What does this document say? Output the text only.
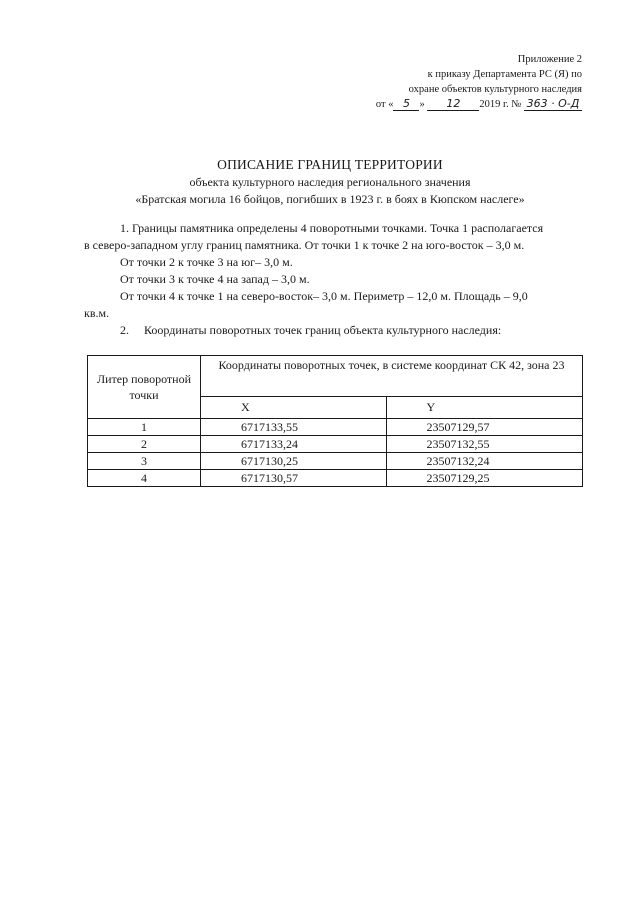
Приложение 2
к приказу Департамента РС (Я) по
охране объектов культурного наследия
от « 5 » 12 2019 г. № 363 · О-Д
ОПИСАНИЕ ГРАНИЦ ТЕРРИТОРИИ
объекта культурного наследия регионального значения
«Братская могила 16 бойцов, погибших в 1923 г. в боях в Кюпском наслеге»

1. Границы памятника определены 4 поворотными точками. Точка 1 располагается

в северо-западном углу границ памятника. От точки 1 к точке 2 на юго-восток – 3,0 м.

От точки 2 к точке 3 на юг– 3,0 м.

От точки 3 к точке 4 на запад – 3,0 м.

От точки 4 к точке 1 на северо-восток– 3,0 м. Периметр – 12,0 м. Площадь – 9,0

кв.м.

2. Координаты поворотных точек границ объекта культурного наследия:

Литер поворотной точки	Координаты поворотных точек, в системе координат СК 42, зона 23	
	X	Y
1	6717133,55	23507129,57
2	6717133,24	23507132,55
3	6717130,25	23507132,24
4	6717130,57	23507129,25
